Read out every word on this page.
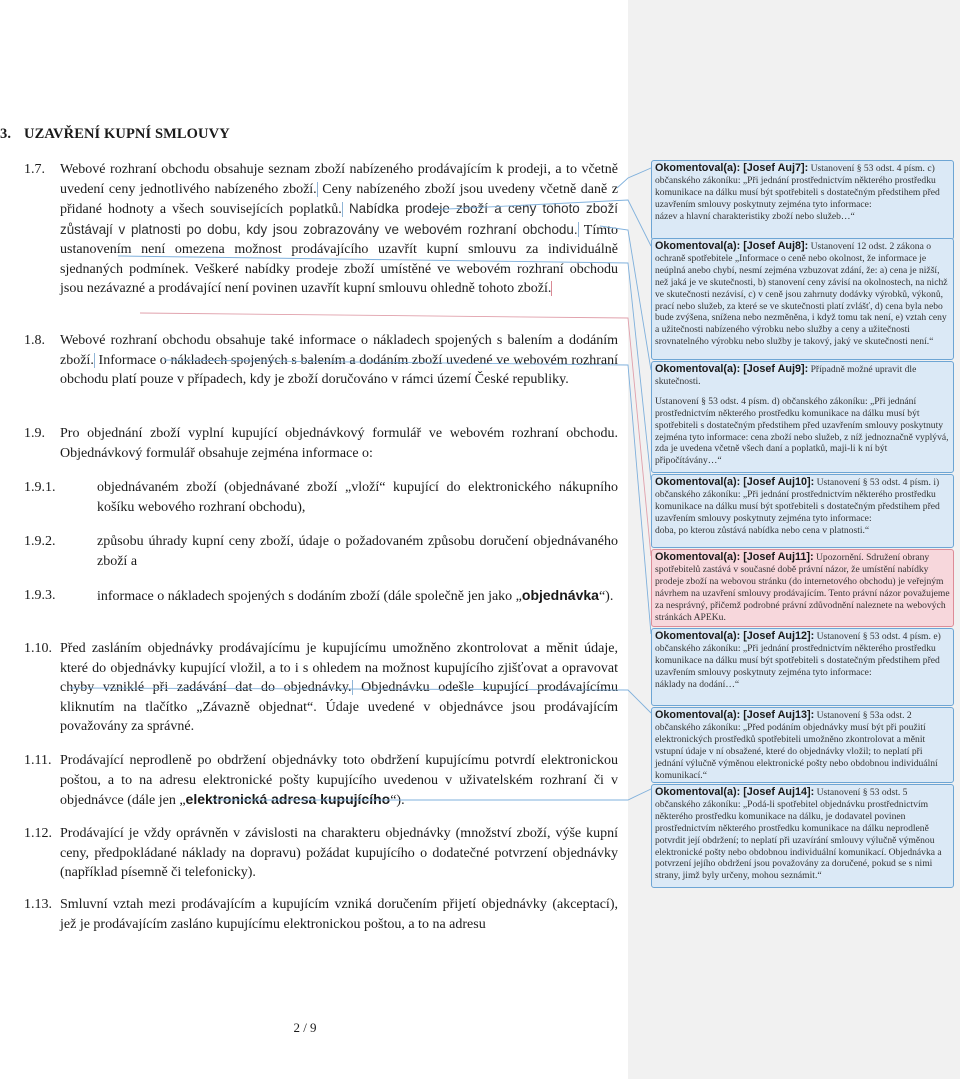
3. UZAVŘENÍ KUPNÍ SMLOUVY
1.7. Webové rozhraní obchodu obsahuje seznam zboží nabízeného prodávajícím k prodeji, a to včetně uvedení ceny jednotlivého nabízeného zboží. Ceny nabízeného zboží jsou uvedeny včetně daně z přidané hodnoty a všech souvisejících poplatků. Nabídka prodeje zboží a ceny tohoto zboží zůstávají v platnosti po dobu, kdy jsou zobrazovány ve webovém rozhraní obchodu. Tímto ustanovením není omezena možnost prodávajícího uzavřít kupní smlouvu za individuálně sjednaných podmínek. Veškeré nabídky prodeje zboží umístěné ve webovém rozhraní obchodu jsou nezávazné a prodávající není povinen uzavřít kupní smlouvu ohledně tohoto zboží.
1.8. Webové rozhraní obchodu obsahuje také informace o nákladech spojených s balením a dodáním zboží. Informace o nákladech spojených s balením a dodáním zboží uvedené ve webovém rozhraní obchodu platí pouze v případech, kdy je zboží doručováno v rámci území České republiky.
1.9. Pro objednání zboží vyplní kupující objednávkový formulář ve webovém rozhraní obchodu. Objednávkový formulář obsahuje zejména informace o:
1.9.1.	objednávaném zboží (objednávané zboží „vloží“ kupující do elektronického nákupního košíku webového rozhraní obchodu),
1.9.2.	způsobu úhrady kupní ceny zboží, údaje o požadovaném způsobu doručení objednávaného zboží a
1.9.3.	informace o nákladech spojených s dodáním zboží (dále společně jen jako „objednávka“).
1.10. Před zasláním objednávky prodávajícímu je kupujícímu umožněno zkontrolovat a měnit údaje, které do objednávky kupující vložil, a to i s ohledem na možnost kupujícího zjišťovat a opravovat chyby vzniklé při zadávání dat do objednávky. Objednávku odešle kupující prodávajícímu kliknutím na tlačítko „Závazně objednat“. Údaje uvedené v objednávce jsou prodávajícím považovány za správné.
1.11. Prodávající neprodleně po obdržení objednávky toto obdržení kupujícímu potvrdí elektronickou poštou, a to na adresu elektronické pošty kupujícího uvedenou v uživatelském rozhraní či v objednávce (dále jen „elektronická adresa kupujícího“).
1.12. Prodávající je vždy oprávněn v závislosti na charakteru objednávky (množství zboží, výše kupní ceny, předpokládané náklady na dopravu) požádat kupujícího o dodatečné potvrzení objednávky (například písemně či telefonicky).
1.13. Smluvní vztah mezi prodávajícím a kupujícím vzniká doručením přijetí objednávky (akceptací), jež je prodávajícím zasláno kupujícímu elektronickou poštou, a to na adresu
2 / 9

Okomentoval(a): [Josef Auj7]: Ustanovení § 53 odst. 4 písm. c) občanského zákoníku: „Při jednání prostřednictvím některého prostředku komunikace na dálku musí být spotřebiteli s dostatečným předstihem před uzavřením smlouvy poskytnuty zejména tyto informace:
název a hlavní charakteristiky zboží nebo služeb…“

Okomentoval(a): [Josef Auj8]: Ustanovení 12 odst. 2 zákona o ochraně spotřebitele „Informace o ceně nebo okolnost, že informace je neúplná anebo chybí, nesmí zejména vzbuzovat zdání, že: a) cena je nižší, než jaká je ve skutečnosti, b) stanovení ceny závisí na okolnostech, na nichž ve skutečnosti nezávisí, c) v ceně jsou zahrnuty dodávky výrobků, výkonů, prací nebo služeb, za které se ve skutečnosti platí zvlášť, d) cena byla nebo bude zvýšena, snížena nebo nezměněna, i když tomu tak není, e) vztah ceny a užitečnosti nabízeného výrobku nebo služby a ceny a užitečnosti srovnatelného výrobku nebo služby je takový, jaký ve skutečnosti není.“

Okomentoval(a): [Josef Auj9]: Případně možné upravit dle skutečnosti.

Ustanovení § 53 odst. 4 písm. d) občanského zákoníku: „Při jednání prostřednictvím některého prostředku komunikace na dálku musí být spotřebiteli s dostatečným předstihem před uzavřením smlouvy poskytnuty zejména tyto informace: cena zboží nebo služeb, z níž jednoznačně vyplývá, zda je uvedena včetně všech daní a poplatků, maji-li k ní být připočítávány…“

Okomentoval(a): [Josef Auj10]: Ustanovení § 53 odst. 4 písm. i) občanského zákoníku: „Při jednání prostřednictvím některého prostředku komunikace na dálku musí být spotřebiteli s dostatečným předstihem před uzavřením smlouvy poskytnuty zejména tyto informace:
doba, po kterou zůstává nabídka nebo cena v platnosti.“

Okomentoval(a): [Josef Auj11]: Upozornění. Sdružení obrany spotřebitelů zastává v současné době právní názor, že umístění nabídky prodeje zboží na webovou stránku (do internetového obchodu) je veřejným návrhem na uzavření smlouvy prodávajícím. Tento právní názor považujeme za nesprávný, přičemž podrobné právní zdůvodnění naleznete na webových stránkách APEKu.

Okomentoval(a): [Josef Auj12]: Ustanovení § 53 odst. 4 písm. e) občanského zákoníku: „Při jednání prostřednictvím některého prostředku komunikace na dálku musí být spotřebiteli s dostatečným předstihem před uzavřením smlouvy poskytnuty zejména tyto informace:
náklady na dodání…“

Okomentoval(a): [Josef Auj13]: Ustanovení § 53a odst. 2 občanského zákoníku: „Před podáním objednávky musí být při použití elektronických prostředků spotřebiteli umožněno zkontrolovat a měnit vstupní údaje v ní obsažené, které do objednávky vložil; to neplatí při jednání výlučně výměnou elektronické pošty nebo obdobnou individuální komunikací.“

Okomentoval(a): [Josef Auj14]: Ustanovení § 53 odst. 5 občanského zákoníku: „Podá-li spotřebitel objednávku prostřednictvím některého prostředku komunikace na dálku, je dodavatel povinen prostřednictvím některého prostředku komunikace na dálku neprodleně potvrdit její obdržení; to neplatí při uzavírání smlouvy výlučně výměnou elektronické pošty nebo obdobnou individuální komunikací. Objednávka a potvrzení jejího obdržení jsou považovány za doručené, pokud se s nimi strany, jimž byly určeny, mohou seznámit.“
